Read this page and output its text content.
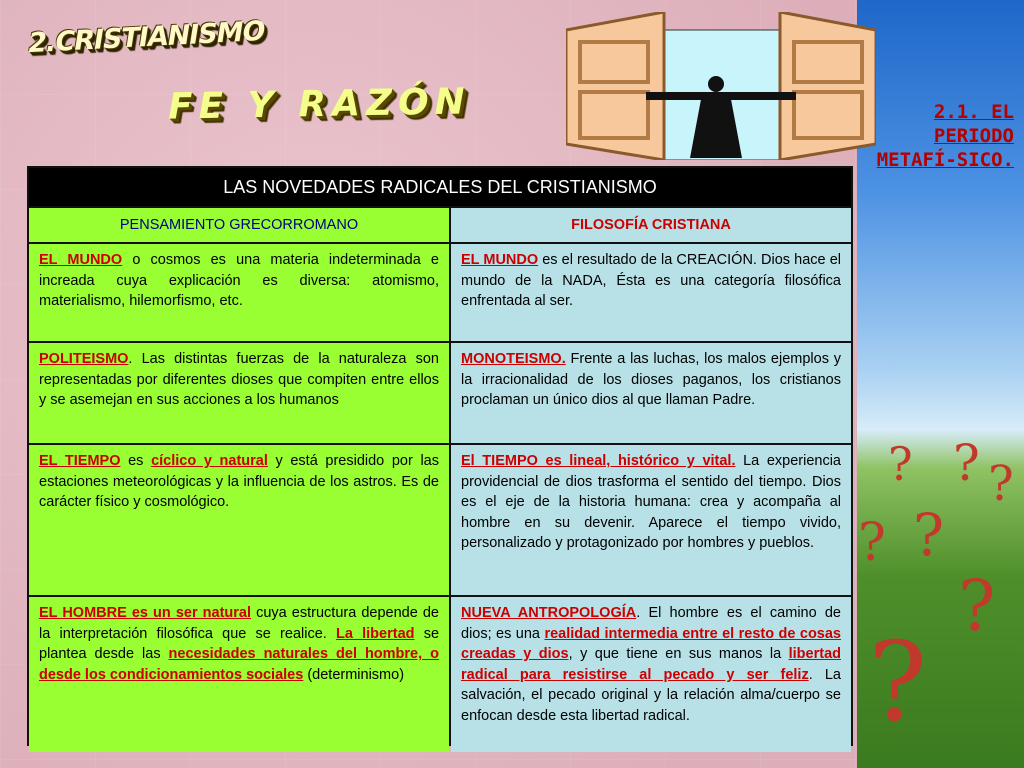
2.CRISTIANISMO
FE Y RAZÓN	2.1. EL PERIODO METAFÍ-SICO.

? ? ?
? ?
?
?
LAS NOVEDADES RADICALES DEL CRISTIANISMO
PENSAMIENTO GRECORROMANO	FILOSOFÍA CRISTIANA
EL MUNDO o cosmos es una materia indeterminada e increada cuya explicación es diversa: atomismo, materialismo, hilemorfismo, etc.
EL MUNDO es el resultado de la CREACIÓN. Dios hace el mundo de la NADA, Ésta es una categoría filosófica enfrentada al ser.
POLITEISMO. Las distintas fuerzas de la naturaleza son representadas por diferentes dioses que compiten entre ellos y se asemejan en sus acciones a los humanos
MONOTEISMO. Frente a las luchas, los malos ejemplos y la irracionalidad de los dioses paganos, los cristianos proclaman un único dios al que llaman Padre.
EL TIEMPO es cíclico y natural y está presidido por las estaciones meteorológicas y la influencia de los astros. Es de carácter físico y cosmológico.
El TIEMPO es lineal, histórico y vital. La experiencia providencial de dios trasforma el sentido del tiempo. Dios es el eje de la historia humana: crea y acompaña al hombre en su devenir. Aparece el tiempo vivido, personalizado y protagonizado por hombres y pueblos.
EL HOMBRE es un ser natural cuya estructura depende de la interpretación filosófica que se realice. La libertad se plantea desde las necesidades naturales del hombre, o desde los condicionamientos sociales (determinismo)
NUEVA ANTROPOLOGÍA. El hombre es el camino de dios; es una realidad intermedia entre el resto de cosas creadas y dios, y que tiene en sus manos la libertad radical para resistirse al pecado y ser feliz. La salvación, el pecado original y la relación alma/cuerpo se enfocan desde esta libertad radical.
